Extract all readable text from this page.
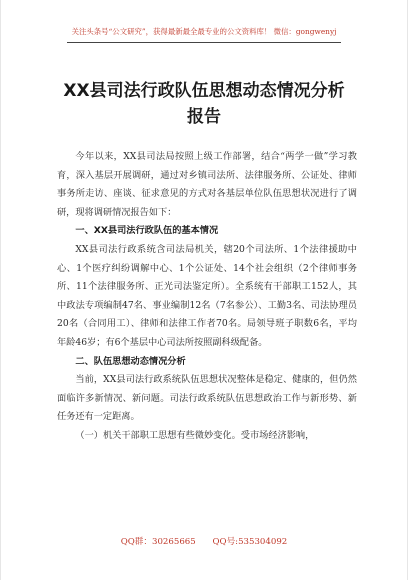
关注头条号“公文研究”，获得最新最全最专业的公文资料库！ 微信：gongwenyj
XX县司法行政队伍思想动态情况分析报告

今年以来，XX县司法局按照上级工作部署，结合“两学一做”学习教育，深入基层开展调研，通过对乡镇司法所、法律服务所、公证处、律师事务所走访、座谈、征求意见的方式对各基层单位队伍思想状况进行了调研，现将调研情况报告如下：

一、XX县司法行政队伍的基本情况

XX县司法行政系统含司法局机关，辖20个司法所、1个法律援助中心、1个医疗纠纷调解中心、1个公证处、14个社会组织（2个律师事务所、11个法律服务所、正光司法鉴定所）。全系统有干部职工152人，其中政法专项编制47名、事业编制12名（7名参公）、工勤3名、司法协理员20名（合同用工）、律师和法律工作者70名。局领导班子职数6名，平均年龄46岁；有6个基层中心司法所按照副科级配备。

二、队伍思想动态情况分析

当前，XX县司法行政系统队伍思想状况整体是稳定、健康的，但仍然面临许多新情况、新问题。司法行政系统队伍思想政治工作与新形势、新任务还有一定距离。

（一）机关干部职工思想有些微妙变化。受市场经济影响，

QQ群：30265665 QQ号:535304092
